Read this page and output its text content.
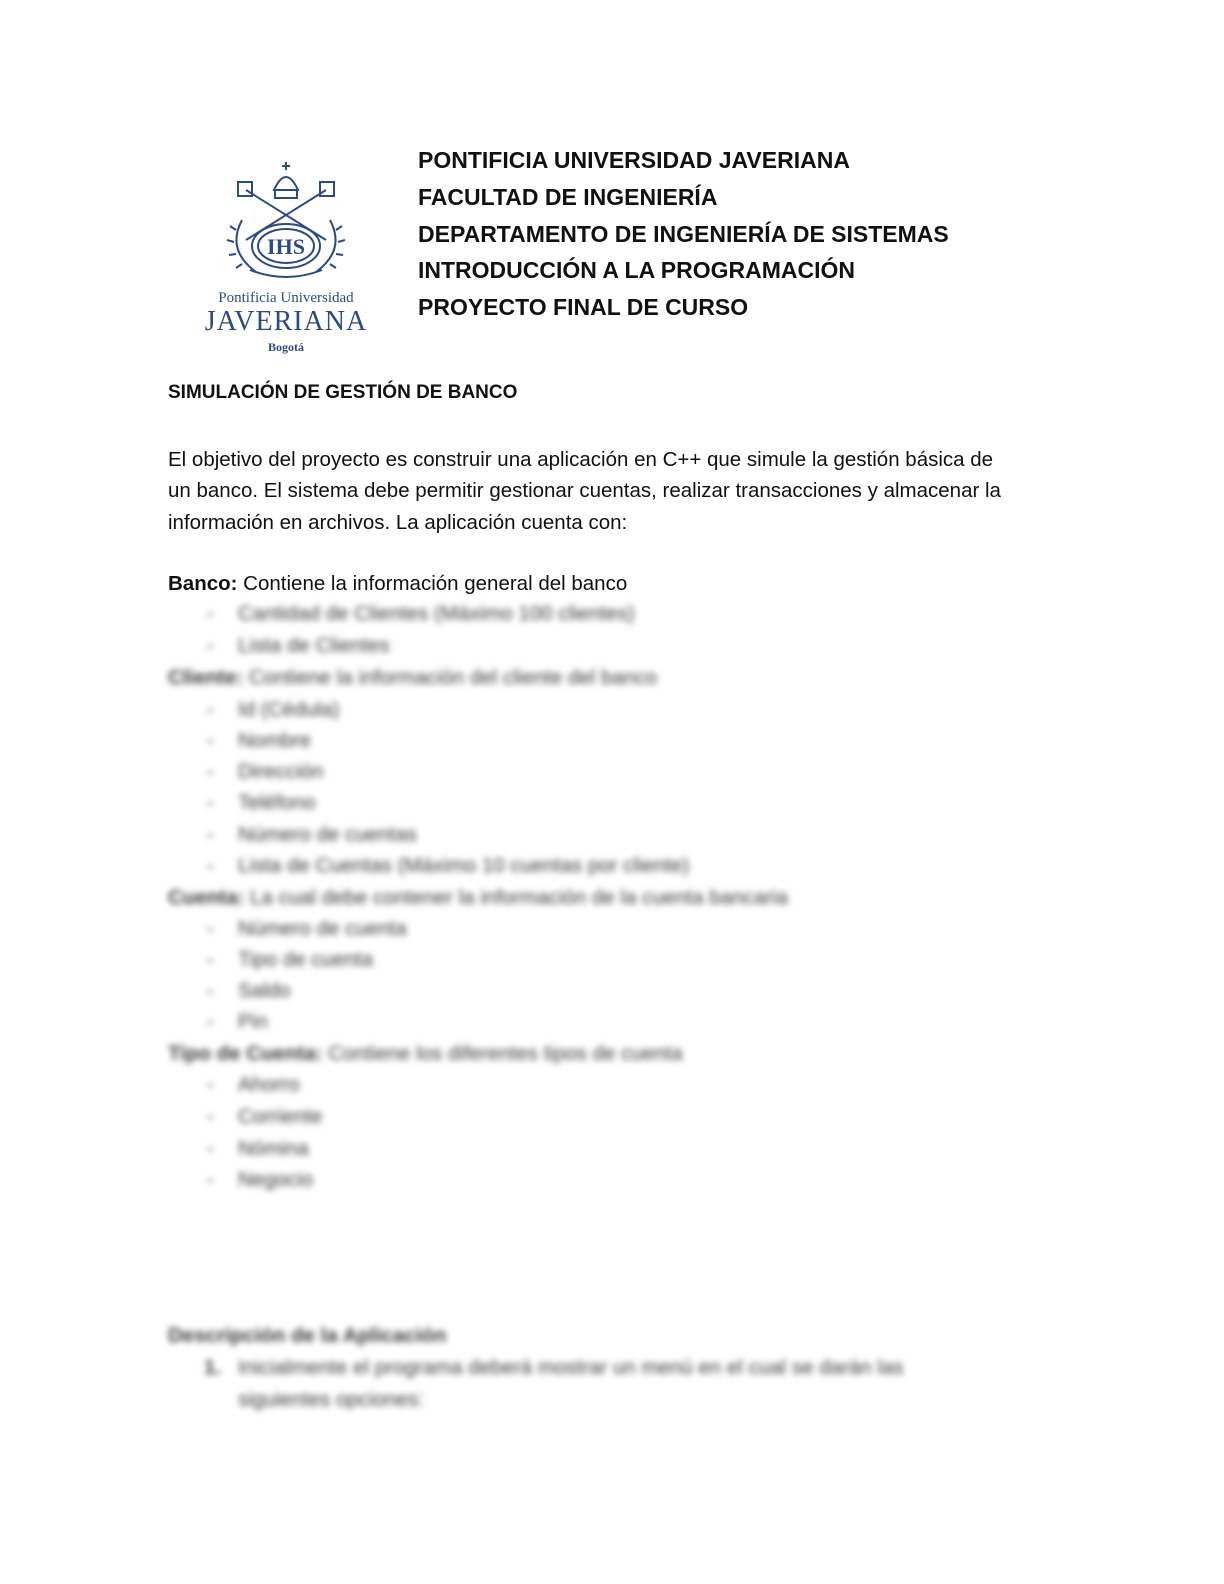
IHS
Pontificia Universidad
JAVERIANA
Bogotá
PONTIFICIA UNIVERSIDAD JAVERIANA
FACULTAD DE INGENIERÍA
DEPARTAMENTO DE INGENIERÍA DE SISTEMAS
INTRODUCCIÓN A LA PROGRAMACIÓN
PROYECTO FINAL DE CURSO
SIMULACIÓN DE GESTIÓN DE BANCO
El objetivo del proyecto es construir una aplicación en C++ que simule la gestión básica de
un banco. El sistema debe permitir gestionar cuentas, realizar transacciones y almacenar la
información en archivos. La aplicación cuenta con:
Banco: Contiene la información general del banco
- Cantidad de Clientes (Máximo 100 clientes)
- Lista de Clientes
Cliente: Contiene la información del cliente del banco
- Id (Cédula)
- Nombre
- Dirección
- Teléfono
- Número de cuentas
- Lista de Cuentas (Máximo 10 cuentas por cliente)
Cuenta: La cual debe contener la información de la cuenta bancaria
- Número de cuenta
- Tipo de cuenta
- Saldo
- Pin
Tipo de Cuenta: Contiene los diferentes tipos de cuenta
- Ahorro
- Corriente
- Nómina
- Negocio
Descripción de la Aplicación
1. Inicialmente el programa deberá mostrar un menú en el cual se darán las
siguientes opciones:
